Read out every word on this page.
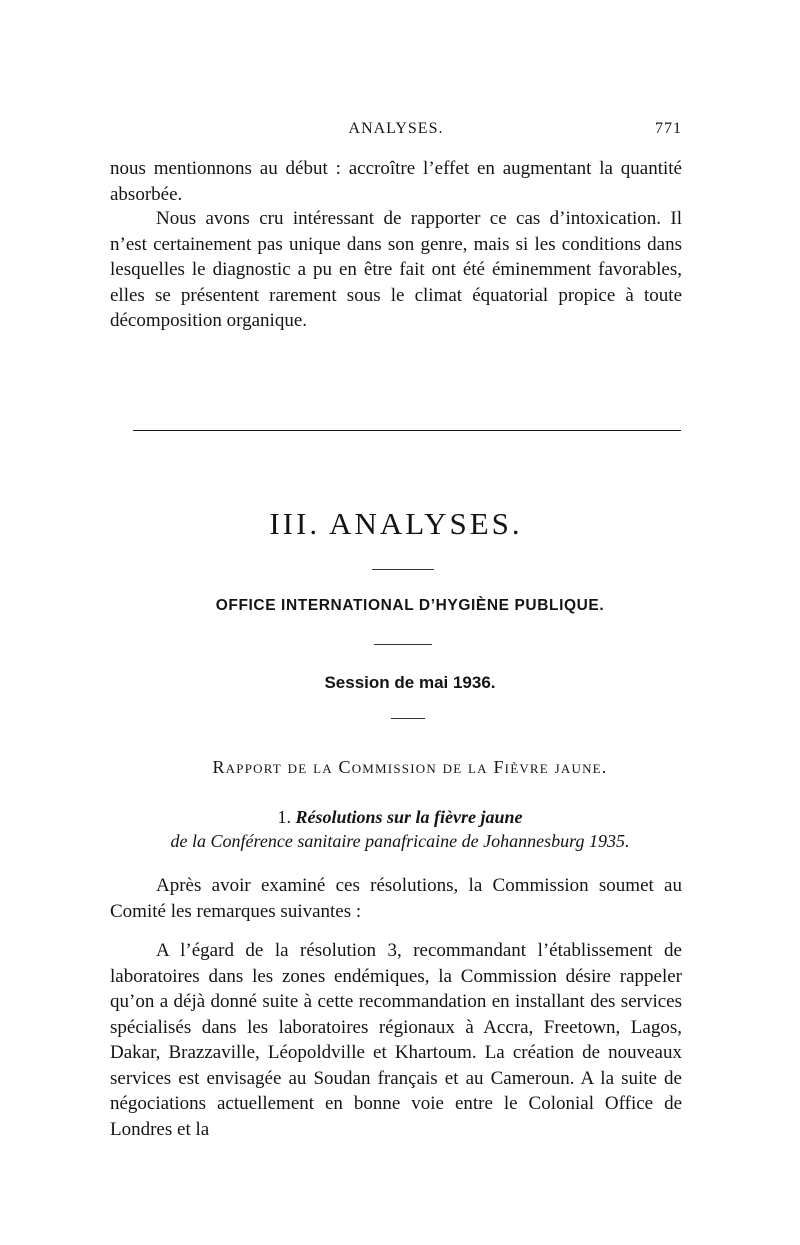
ANALYSES.	771

nous mentionnons au début : accroître l’effet en augmentant la quantité absorbée.

Nous avons cru intéressant de rapporter ce cas d’intoxication. Il n’est certainement pas unique dans son genre, mais si les conditions dans lesquelles le diagnostic a pu en être fait ont été éminemment favorables, elles se présentent rarement sous le climat équatorial propice à toute décomposition organique.

III. ANALYSES.
OFFICE INTERNATIONAL D’HYGIÈNE PUBLIQUE.
Session de mai 1936.
Rapport de la Commission de la Fièvre jaune.
1. Résolutions sur la fièvre jaune
de la Conférence sanitaire panafricaine de Johannesburg 1935.

Après avoir examiné ces résolutions, la Commission soumet au Comité les remarques suivantes :

A l’égard de la résolution 3, recommandant l’établissement de laboratoires dans les zones endémiques, la Commission désire rappeler qu’on a déjà donné suite à cette recommandation en installant des services spécialisés dans les laboratoires régionaux à Accra, Freetown, Lagos, Dakar, Brazzaville, Léopoldville et Khartoum. La création de nouveaux services est envisagée au Soudan français et au Cameroun. A la suite de négociations actuellement en bonne voie entre le Colonial Office de Londres et la
